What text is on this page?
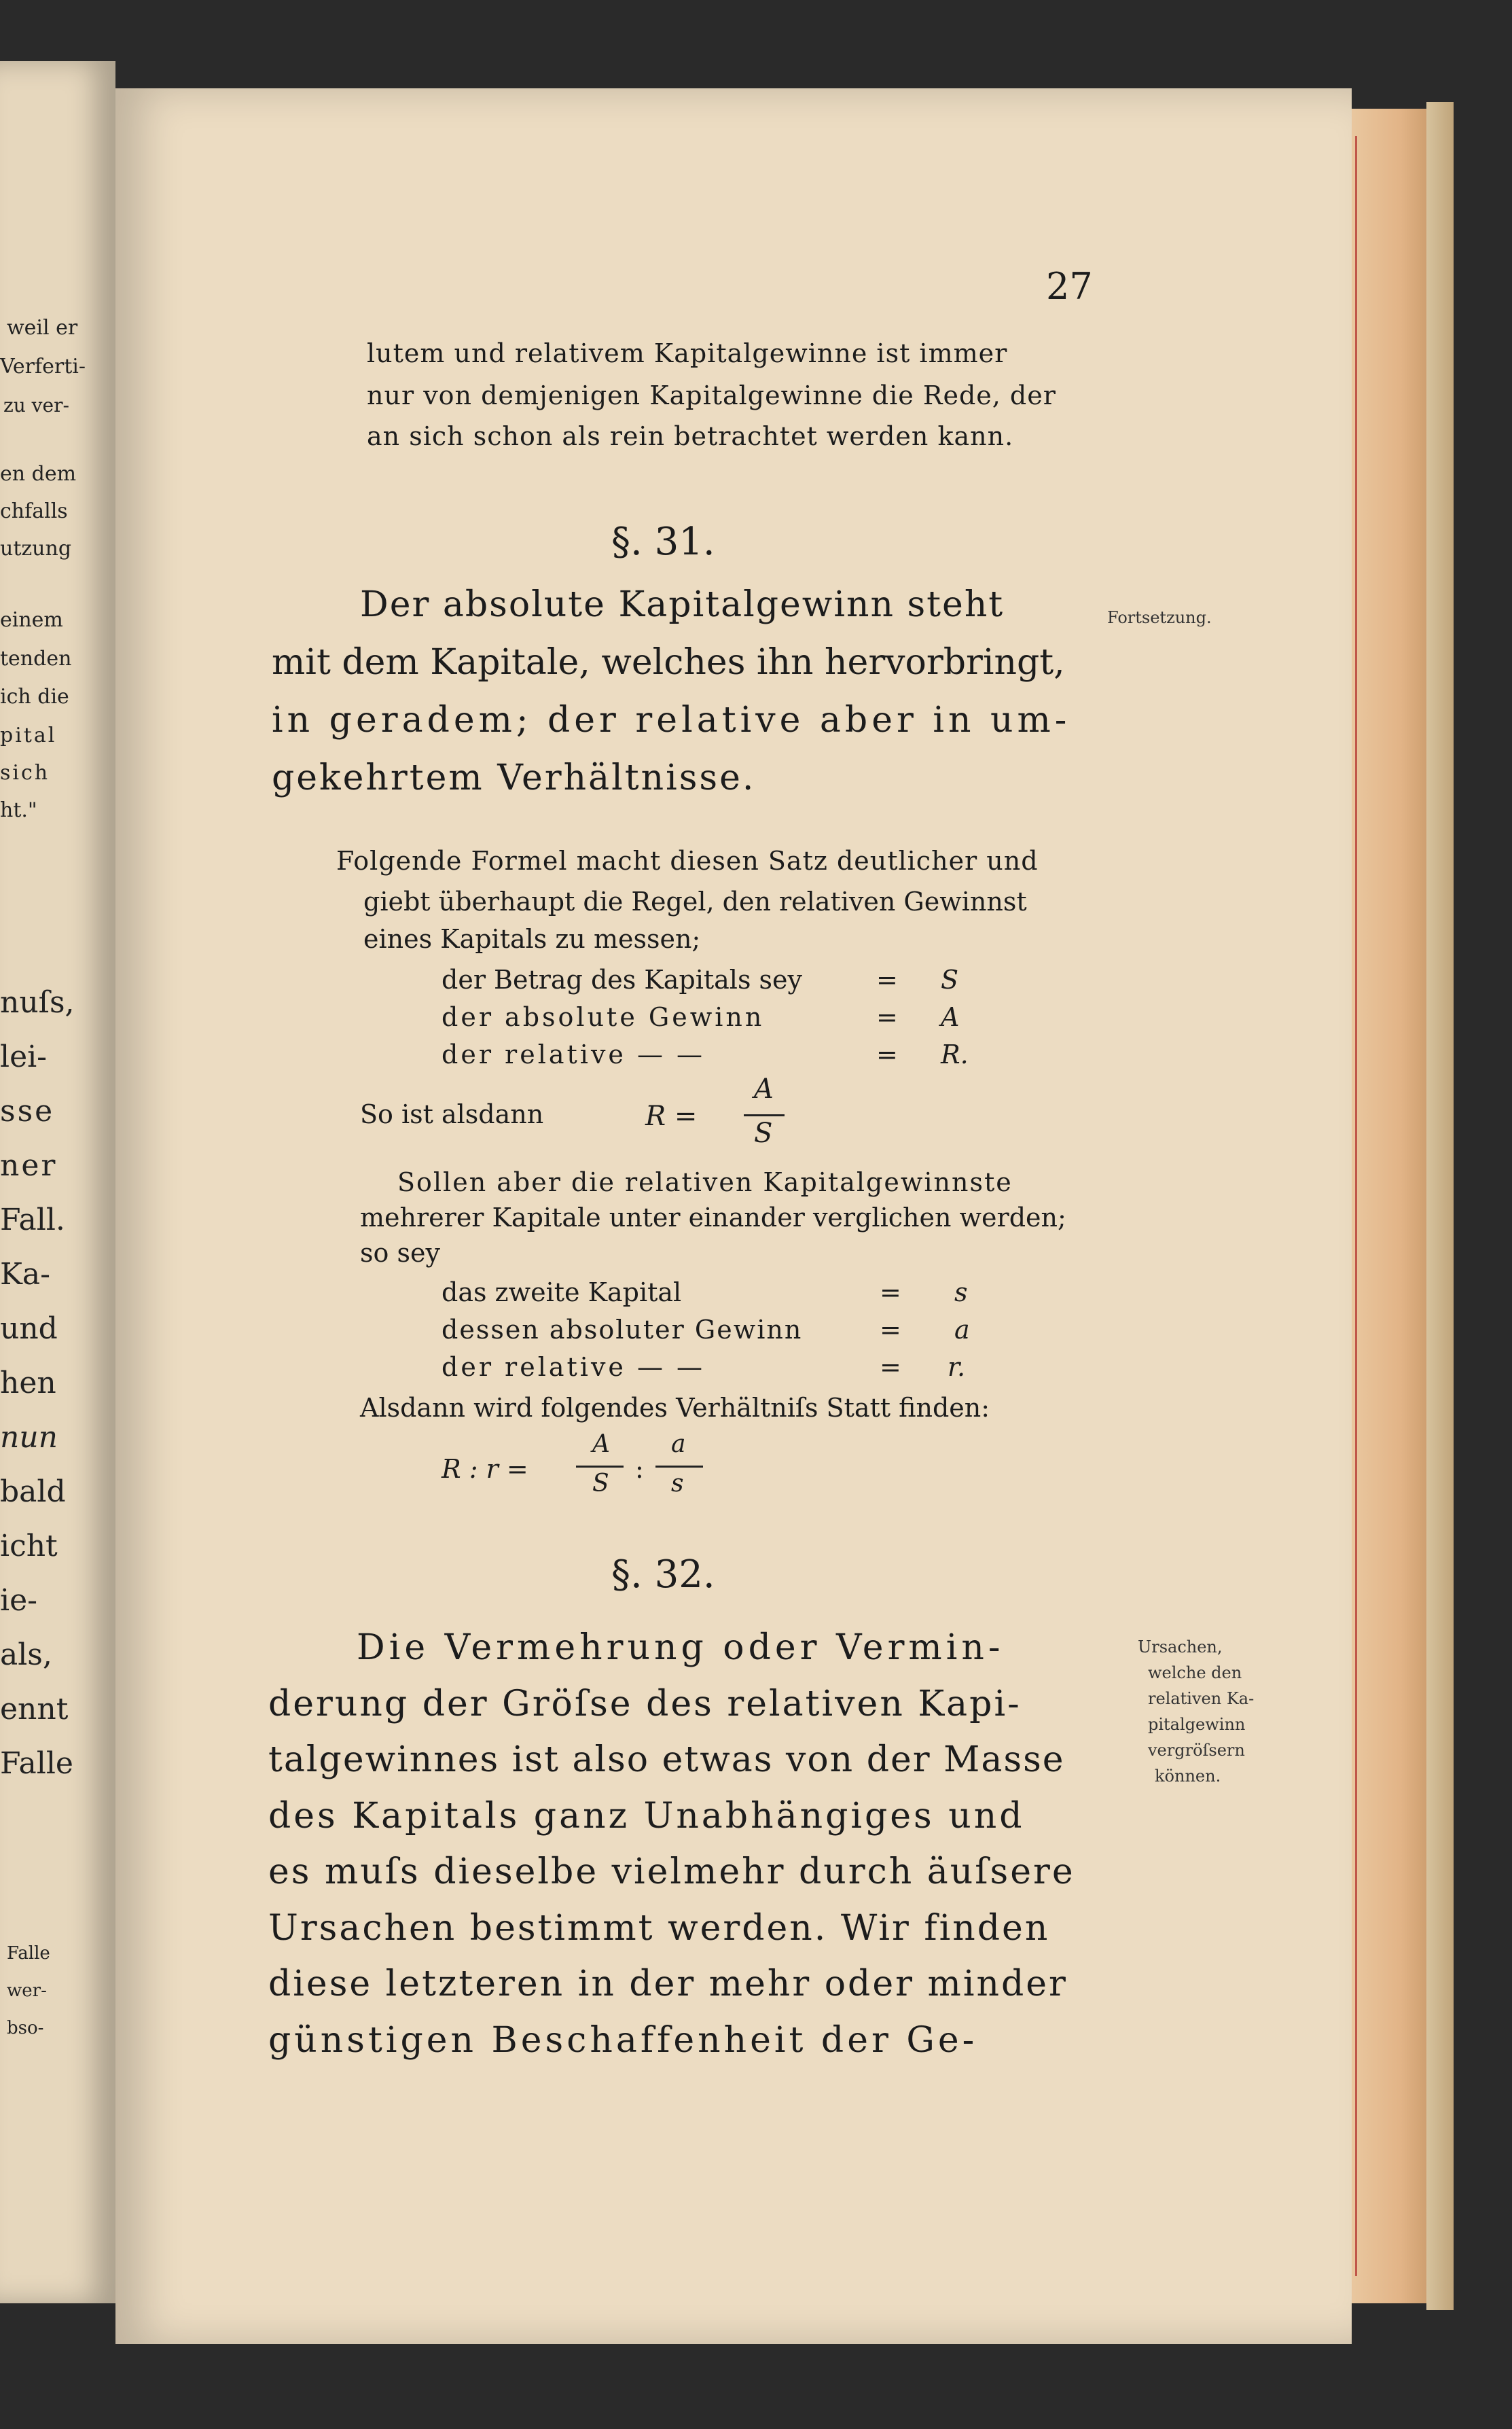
weil er
Verferti-
zu ver-
en dem
chfalls
utzung
einem
tenden
ich die
pital
sich
ht."
nuſs,
lei-
sse
ner
Fall.
Ka-
und
hen
nun
bald
icht
ie-
als,
ennt
Falle
Falle
wer-
bso-
27
lutem und relativem Kapitalgewinne ist immer
nur von demjenigen Kapitalgewinne die Rede, der
an sich schon als rein betrachtet werden kann.
§. 31.
Der absolute Kapitalgewinn steht
mit dem Kapitale, welches ihn hervorbringt,
in geradem; der relative aber in um-
gekehrtem Verhältnisse.
Fortsetzung.
Folgende Formel macht diesen Satz deutlicher und
giebt überhaupt die Regel, den relativen Gewinnst
eines Kapitals zu messen;
der Betrag des Kapitals sey	= S
der absolute Gewinn	= A
der relative — —	= R.
So ist alsdann	R =
A
S
Sollen aber die relativen Kapitalgewinnste
mehrerer Kapitale unter einander verglichen werden;
so sey
das zweite Kapital	= s
dessen absoluter Gewinn	= a
der relative — —	= r.
Alsdann wird folgendes Verhältniſs Statt finden:
R : r =
A
S :
a
s
§. 32.
Die Vermehrung oder Vermin-
derung der Gröſse des relativen Kapi-
talgewinnes ist also etwas von der Masse
des Kapitals ganz Unabhängiges und
es muſs dieselbe vielmehr durch äuſsere
Ursachen bestimmt werden. Wir finden
diese letzteren in der mehr oder minder
günstigen Beschaffenheit der Ge-
Ursachen,
welche den
relativen Ka-
pitalgewinn
vergröſsern
können.
